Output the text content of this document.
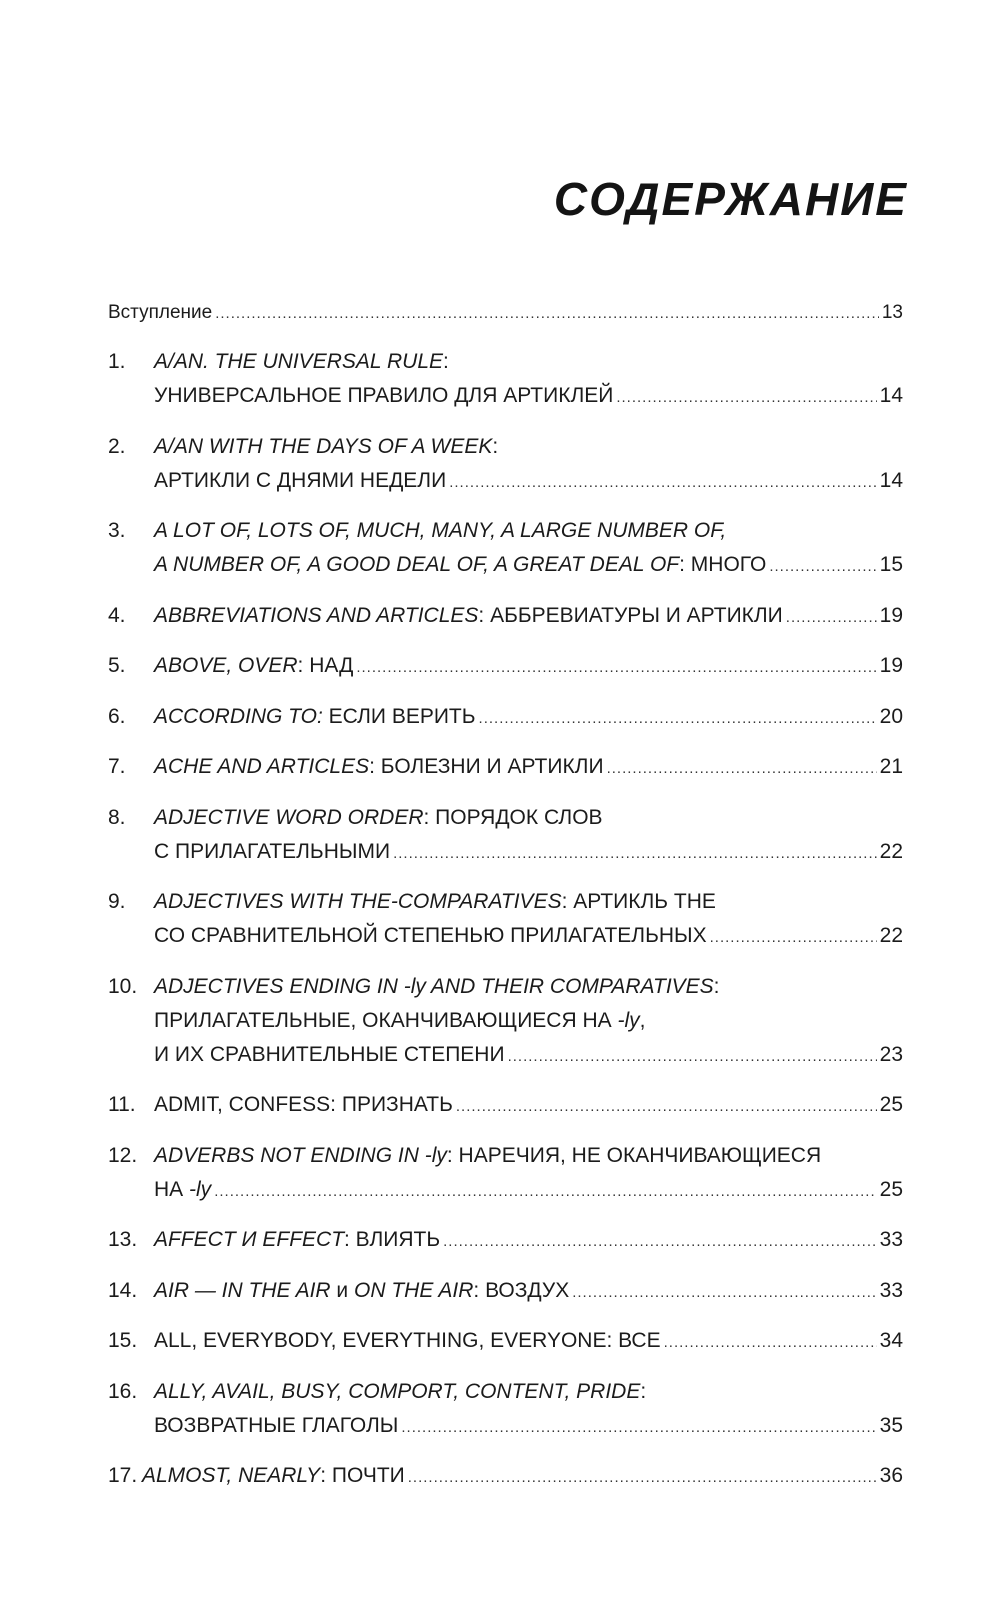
СОДЕРЖАНИЕ
Вступление .....	13
1. A/AN. THE UNIVERSAL RULE:
УНИВЕРСАЛЬНОЕ ПРАВИЛО ДЛЯ АРТИКЛЕЙ .....	14
2. A/AN WITH THE DAYS OF A WEEK:
АРТИКЛИ С ДНЯМИ НЕДЕЛИ .....	14
3. A LOT OF, LOTS OF, MUCH, MANY, A LARGE NUMBER OF,
A NUMBER OF, A GOOD DEAL OF, A GREAT DEAL OF: МНОГО .....	15
4. ABBREVIATIONS AND ARTICLES: АББРЕВИАТУРЫ И АРТИКЛИ .....	19
5. ABOVE, OVER: НАД .....	19
6. ACCORDING TO: ЕСЛИ ВЕРИТЬ .....	20
7. ACHE AND ARTICLES: БОЛЕЗНИ И АРТИКЛИ .....	21
8. ADJECTIVE WORD ORDER: ПОРЯДОК СЛОВ
С ПРИЛАГАТЕЛЬНЫМИ .....	22
9. ADJECTIVES WITH THE-COMPARATIVES: АРТИКЛЬ THE
СО СРАВНИТЕЛЬНОЙ СТЕПЕНЬЮ ПРИЛАГАТЕЛЬНЫХ .....	22
10. ADJECTIVES ENDING IN -ly AND THEIR COMPARATIVES:
ПРИЛАГАТЕЛЬНЫЕ, ОКАНЧИВАЮЩИЕСЯ НА -ly,
И ИХ СРАВНИТЕЛЬНЫЕ СТЕПЕНИ .....	23
11. ADMIT, CONFESS: ПРИЗНАТЬ .....	25
12. ADVERBS NOT ENDING IN -ly: НАРЕЧИЯ, НЕ ОКАНЧИВАЮЩИЕСЯ
НА -ly .....	25
13. AFFECT И EFFECT: ВЛИЯТЬ .....	33
14. AIR — IN THE AIR и ON THE AIR: ВОЗДУХ .....	33
15. ALL, EVERYBODY, EVERYTHING, EVERYONE: ВСЕ .....	34
16. ALLY, AVAIL, BUSY, COMPORT, CONTENT, PRIDE:
ВОЗВРАТНЫЕ ГЛАГОЛЫ .....	35
17. ALMOST, NEARLY: ПОЧТИ .....	36
